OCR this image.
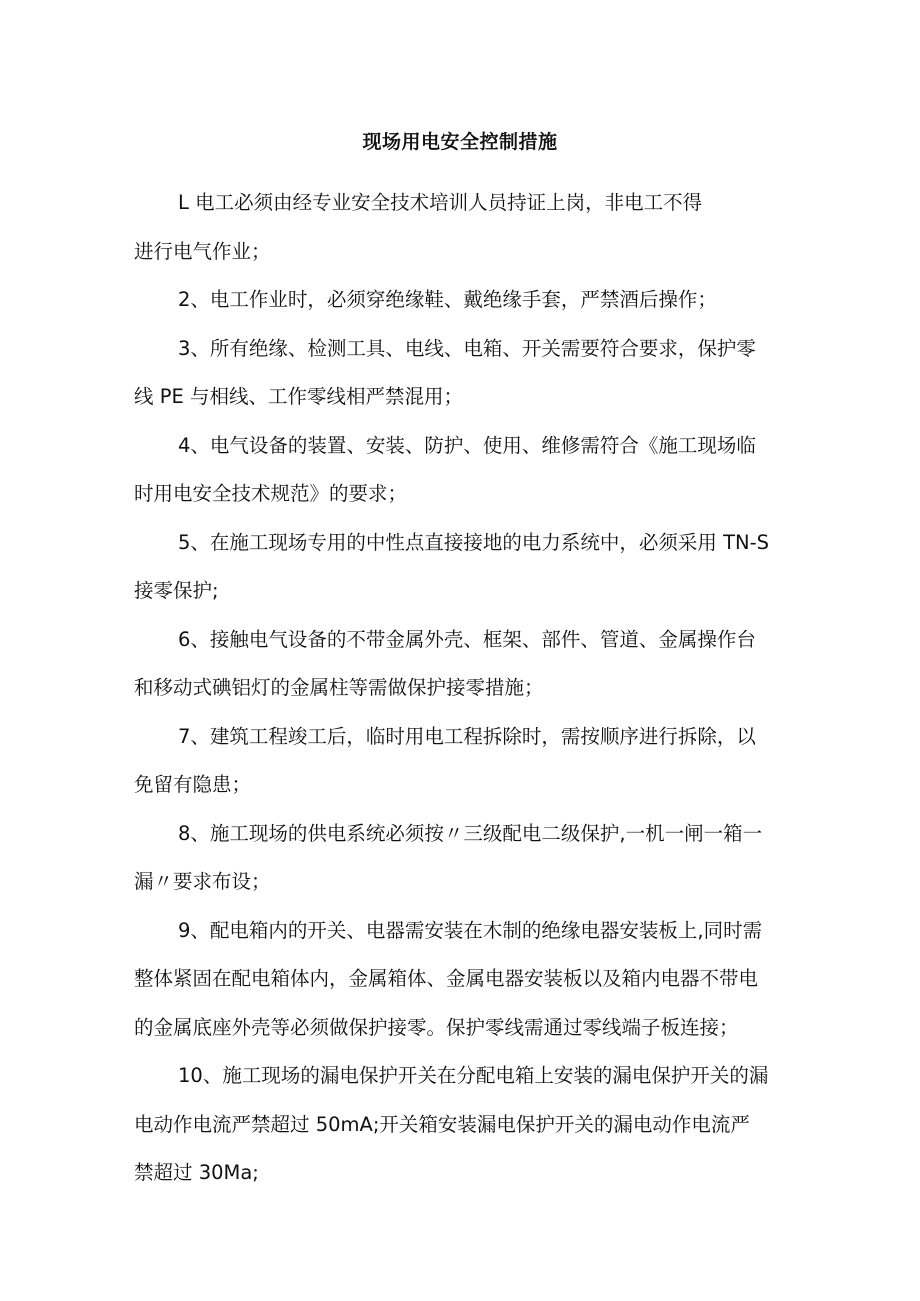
现场用电安全控制措施
L 电工必须由经专业安全技术培训人员持证上岗，非电工不得
进行电气作业；
2、电工作业时，必须穿绝缘鞋、戴绝缘手套，严禁酒后操作；
3、所有绝缘、检测工具、电线、电箱、开关需要符合要求，保护零
线 PE 与相线、工作零线相严禁混用；
4、电气设备的装置、安装、防护、使用、维修需符合《施工现场临
时用电安全技术规范》的要求；
5、在施工现场专用的中性点直接接地的电力系统中，必须采用 TN-S
接零保护;
6、接触电气设备的不带金属外壳、框架、部件、管道、金属操作台
和移动式碘铝灯的金属柱等需做保护接零措施；
7、建筑工程竣工后，临时用电工程拆除时，需按顺序进行拆除，以
免留有隐患；
8、施工现场的供电系统必须按〃三级配电二级保护,一机一闸一箱一
漏〃要求布设；
9、配电箱内的开关、电器需安装在木制的绝缘电器安装板上,同时需
整体紧固在配电箱体内，金属箱体、金属电器安装板以及箱内电器不带电
的金属底座外壳等必须做保护接零。保护零线需通过零线端子板连接；
10、施工现场的漏电保护开关在分配电箱上安装的漏电保护开关的漏
电动作电流严禁超过 50mA;开关箱安装漏电保护开关的漏电动作电流严
禁超过 30Ma;
